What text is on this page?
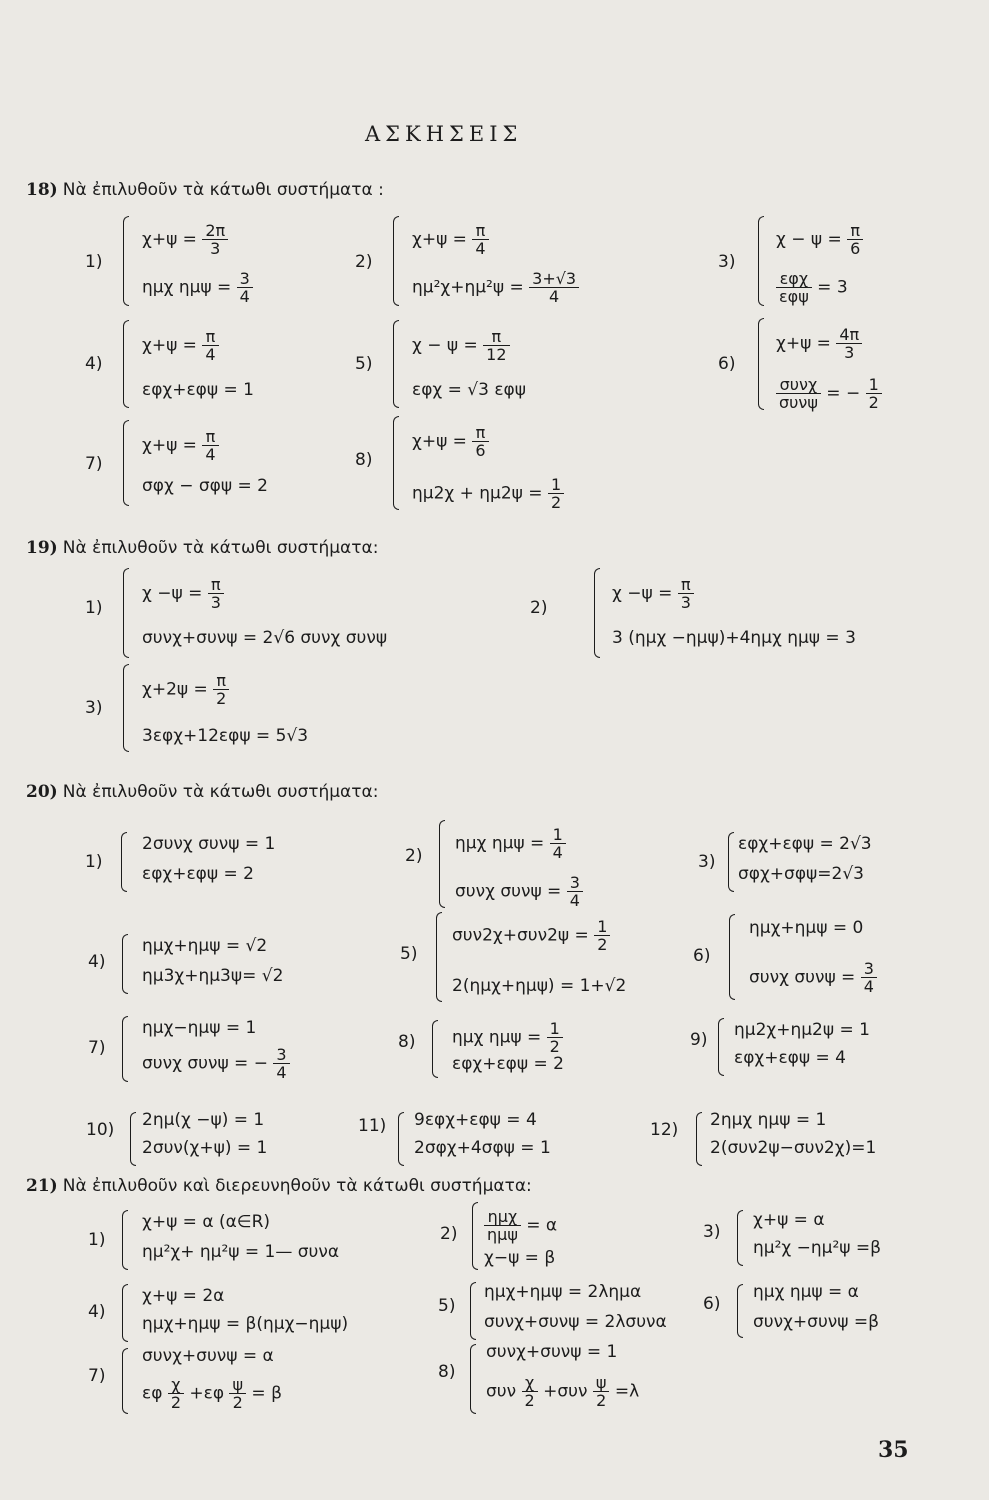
ΑΣΚΗΣΕΙΣ
18) Νὰ ἐπιλυθοῦν τὰ κάτωθι συστήματα :
1)
$\chi+\psi = \frac{2\pi}{3}$
ημχ $\eta\mu\psi = \frac{3}{4}$
2)
$\chi+\psi = \frac{\pi}{4}$
$\eta\mu^2\chi+\eta\mu^2\psi = \frac{3+√3}{4}$
3)
$\chi - \psi = \frac{\pi}{6}$
$\frac{\text{εφχ}}{\text{εφψ}} = 3$
4)
$\chi+\psi = \frac{\pi}{4}$
εφχ+εφψ = 1
5)
$\chi - \psi = \frac{\pi}{12}$
εφχ = √3 εφψ
6)
$\chi+\psi = \frac{4\pi}{3}$
$\frac{\text{συνχ}}{\text{συνψ}}$ = − $\frac{1}{2}$
7)
$\chi+\psi = \frac{\pi}{4}$
σφχ − σφψ = 2
8)
$\chi+\psi = \frac{\pi}{6}$
$\eta\mu 2\chi + \eta\mu 2\psi = \frac{1}{2}$
19) Νὰ ἐπιλυθοῦν τὰ κάτωθι συστήματα:
1)
$\chi -\psi = \frac{\pi}{3}$
συνχ+συνψ = 2√6 συνχ συνψ
2)
$\chi -\psi = \frac{\pi}{3}$
3 (ημχ −ημψ)+4ημχ ημψ = 3
3)
$\chi+2\psi = \frac{\pi}{2}$
3εφχ+12εφψ = 5√3
20) Νὰ ἐπιλυθοῦν τὰ κάτωθι συστήματα:
1)
2συνχ συνψ = 1
εφχ+εφψ = 2
2)
ημχ $\eta\mu\psi = \frac{1}{4}$
συνχ $\sigma\upsilon\nu\psi = \frac{3}{4}$
3)
εφχ+εφψ = 2√3
σφχ+σφψ=2√3
4)
ημχ+ημψ = √2
ημ3χ+ημ3ψ= √2
5)
$\sigma\upsilon\nu 2\chi+\sigma\upsilon\nu 2\psi = \frac{1}{2}$
2(ημχ+ημψ) = 1+√2
6)
ημχ+ημψ = 0
συνχ $\sigma\upsilon\nu\psi = \frac{3}{4}$
7)
ημχ−ημψ = 1
συνχ συνψ = − $\frac{3}{4}$
8) ημχ $\eta\mu\psi = \frac{1}{2}$
εφχ+εφψ = 2
9) ημ2χ+ημ2ψ = 1
εφχ+εφψ = 4
10) 2ημ(χ −ψ) = 1
2συν(χ+ψ) = 1
11) 9εφχ+εφψ = 4
2σφχ+4σφψ = 1
12) 2ημχ ημψ = 1
2(συν2ψ−συν2χ)=1
21) Νὰ ἐπιλυθοῦν καὶ διερευνηθοῦν τὰ κάτωθι συστήματα:
1)
χ+ψ = α (α∈R)
ημ²χ+ ημ²ψ = 1— συνα
$2) \frac{\text{ημχ}}{\text{ημψ}} = \alpha$
χ−ψ = β
3)
χ+ψ = α
ημ²χ −ημ²ψ =β
4)
χ+ψ = 2α
ημχ+ημψ = β(ημχ−ημψ)
5)
ημχ+ημψ = 2λημα
συνχ+συνψ = 2λσυνα
6)
ημχ ημψ = α
συνχ+συνψ =β
7)
συνχ+συνψ = α
εφ $\frac{\chi}{2} +\varepsilon\varphi \frac{\psi}{2} = \beta$
8)
συνχ+συνψ = 1
συν $\frac{\chi}{2} +\sigma\upsilon\nu \frac{\psi}{2} =\lambda$
35
